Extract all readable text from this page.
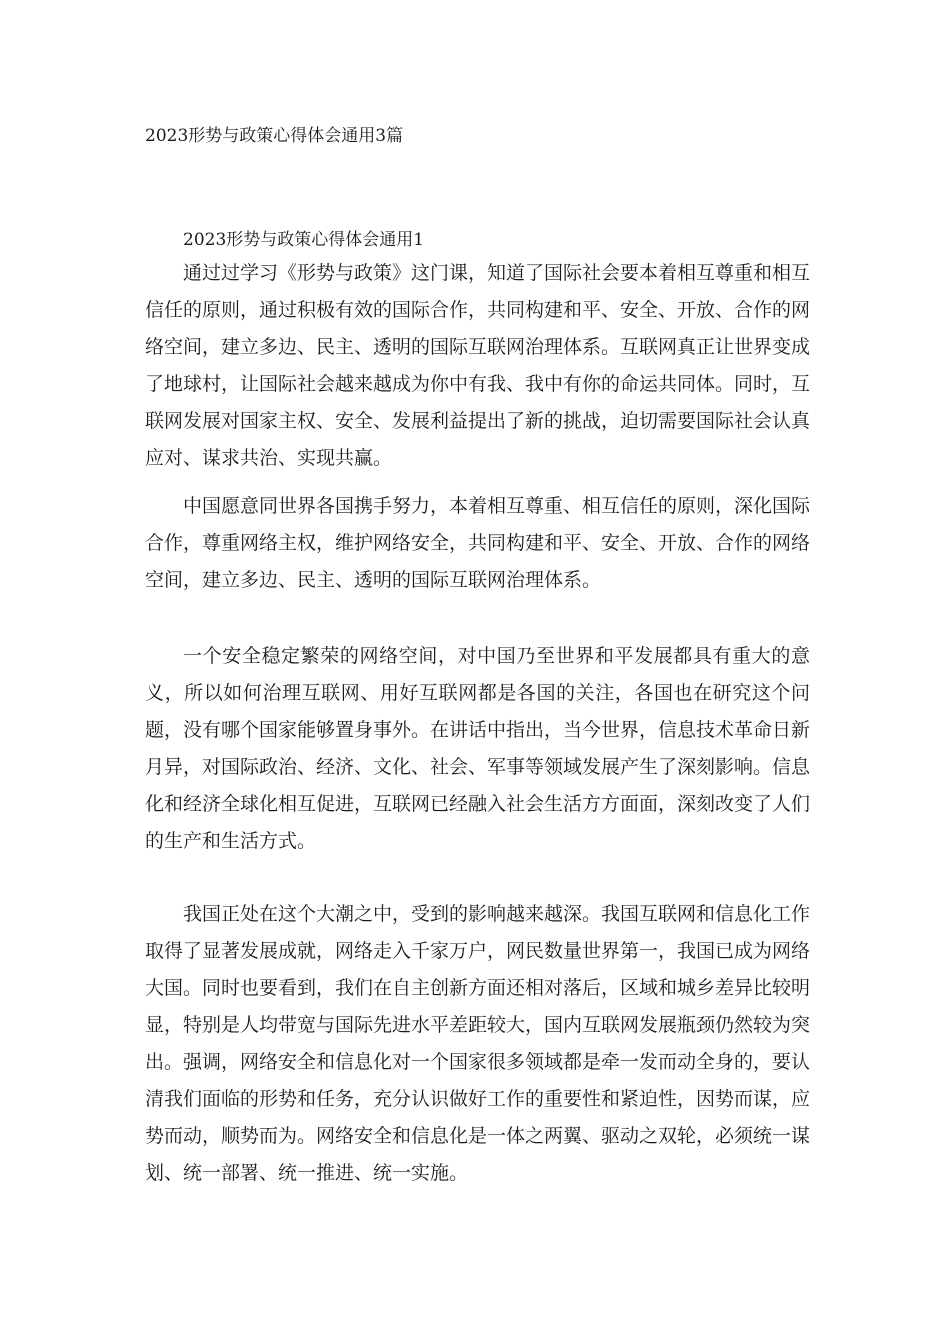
2023形势与政策心得体会通用3篇
2023形势与政策心得体会通用1

通过过学习《形势与政策》这门课，知道了国际社会要本着相互尊重和相互信任的原则，通过积极有效的国际合作，共同构建和平、安全、开放、合作的网络空间，建立多边、民主、透明的国际互联网治理体系。互联网真正让世界变成了地球村，让国际社会越来越成为你中有我、我中有你的命运共同体。同时，互联网发展对国家主权、安全、发展利益提出了新的挑战，迫切需要国际社会认真应对、谋求共治、实现共赢。

中国愿意同世界各国携手努力，本着相互尊重、相互信任的原则，深化国际合作，尊重网络主权，维护网络安全，共同构建和平、安全、开放、合作的网络空间，建立多边、民主、透明的国际互联网治理体系。

一个安全稳定繁荣的网络空间，对中国乃至世界和平发展都具有重大的意义，所以如何治理互联网、用好互联网都是各国的关注，各国也在研究这个问题，没有哪个国家能够置身事外。在讲话中指出，当今世界，信息技术革命日新月异，对国际政治、经济、文化、社会、军事等领域发展产生了深刻影响。信息化和经济全球化相互促进，互联网已经融入社会生活方方面面，深刻改变了人们的生产和生活方式。

我国正处在这个大潮之中，受到的影响越来越深。我国互联网和信息化工作取得了显著发展成就，网络走入千家万户，网民数量世界第一，我国已成为网络大国。同时也要看到，我们在自主创新方面还相对落后，区域和城乡差异比较明显，特别是人均带宽与国际先进水平差距较大，国内互联网发展瓶颈仍然较为突出。强调，网络安全和信息化对一个国家很多领域都是牵一发而动全身的，要认清我们面临的形势和任务，充分认识做好工作的重要性和紧迫性，因势而谋，应势而动，顺势而为。网络安全和信息化是一体之两翼、驱动之双轮，必须统一谋划、统一部署、统一推进、统一实施。
